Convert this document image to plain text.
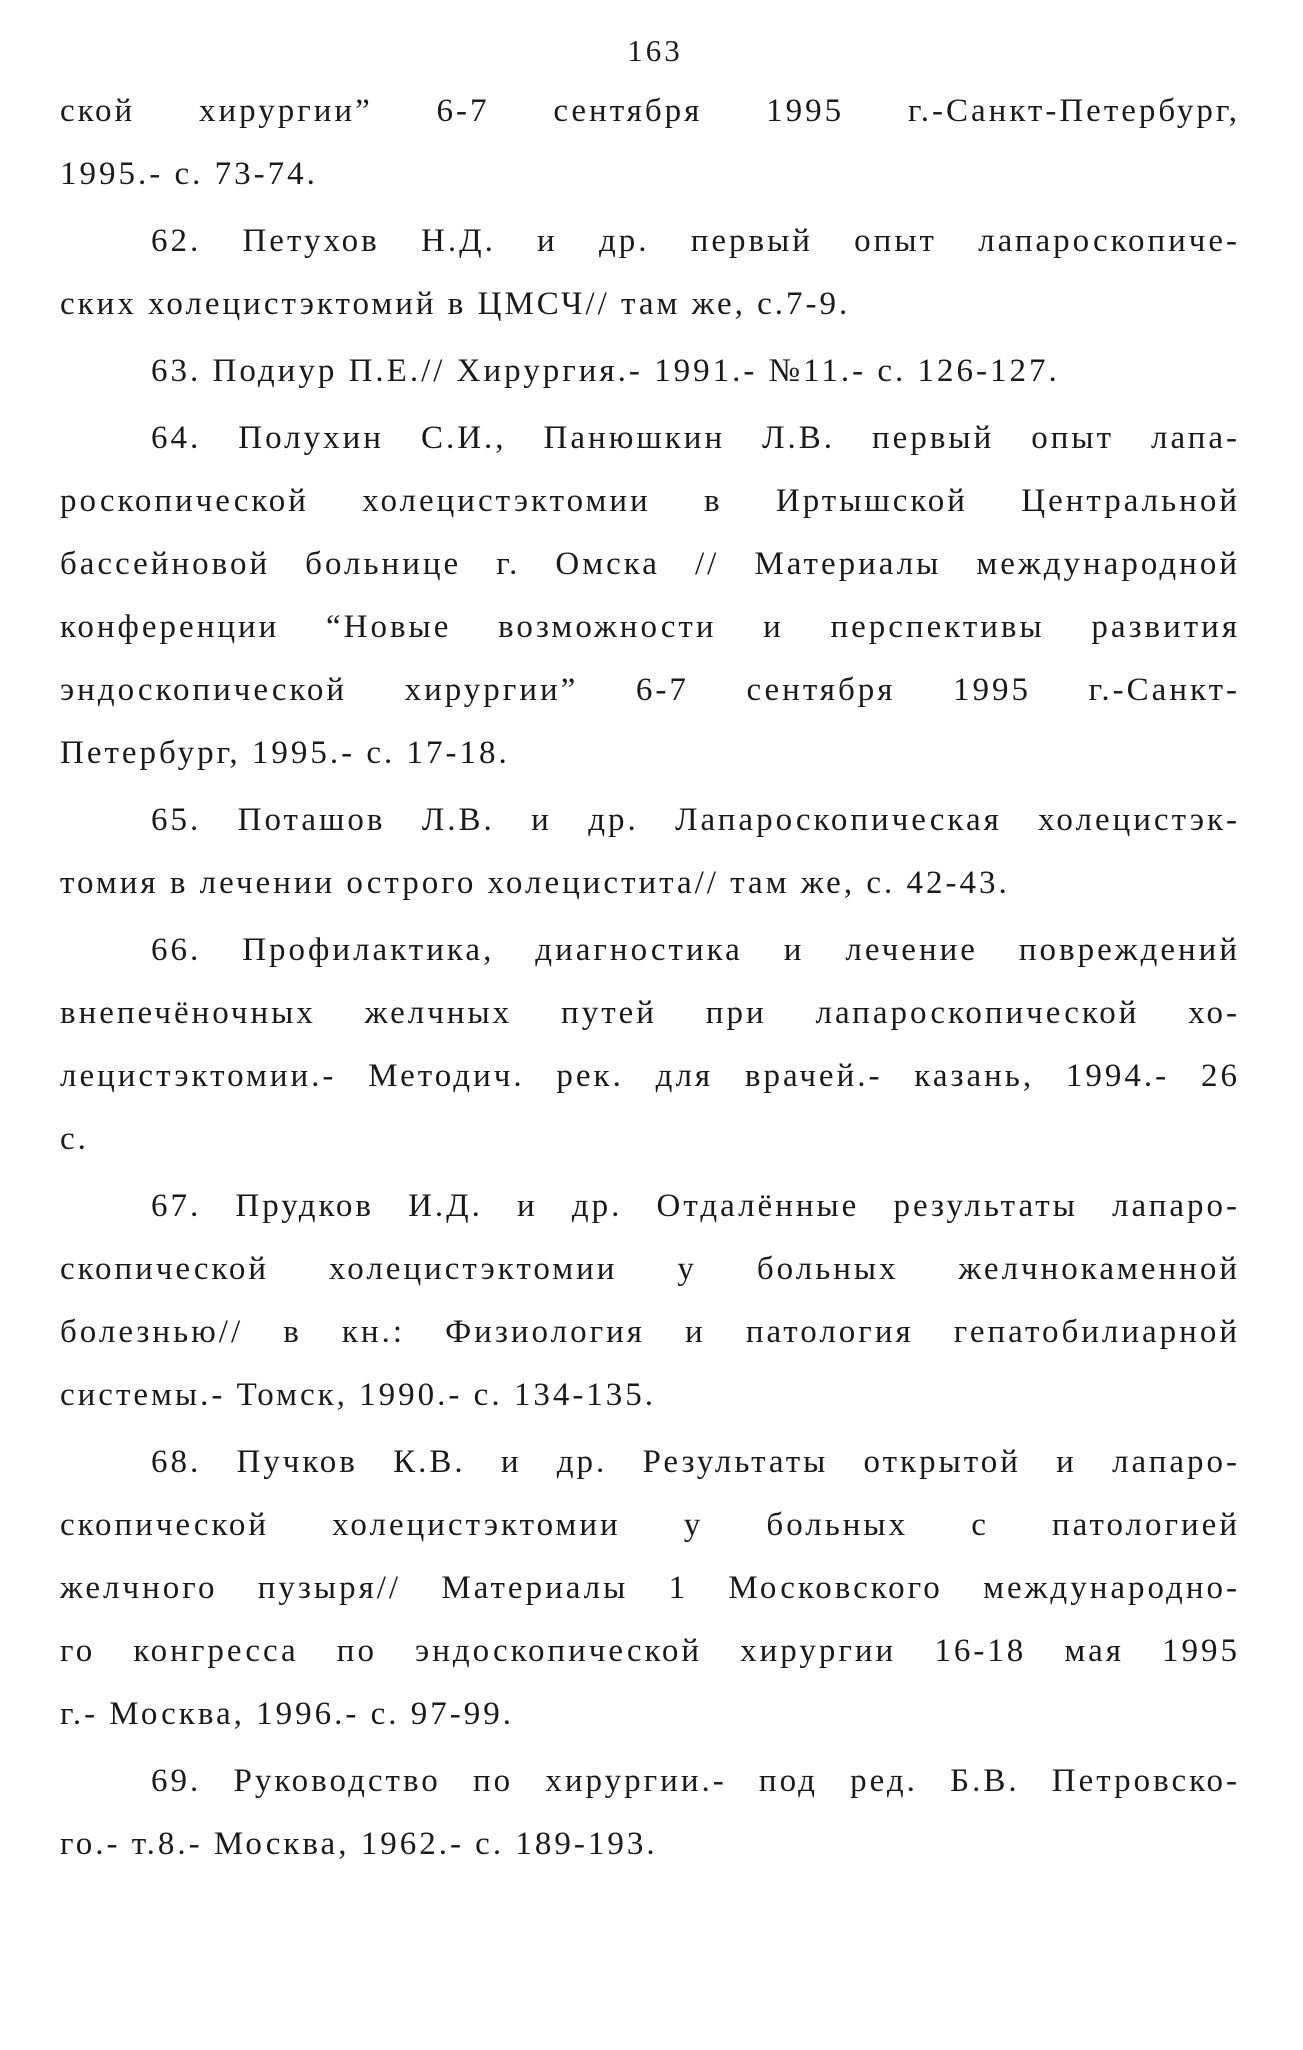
163
ской хирургии” 6-7 сентября 1995 г.-Санкт-Петербург,
1995.- с. 73-74.
62. Петухов Н.Д. и др. первый опыт лапароскопиче-
ских холецистэктомий в ЦМСЧ// там же, с.7-9.
63. Подиур П.Е.// Хирургия.- 1991.- №11.- с. 126-127.
64. Полухин С.И., Панюшкин Л.В. первый опыт лапа-
роскопической холецистэктомии в Иртышской Центральной
бассейновой больнице г. Омска // Материалы международной
конференции “Новые возможности и перспективы развития
эндоскопической хирургии” 6-7 сентября 1995 г.-Санкт-
Петербург, 1995.- с. 17-18.
65. Поташов Л.В. и др. Лапароскопическая холецистэк-
томия в лечении острого холецистита// там же, с. 42-43.
66. Профилактика, диагностика и лечение повреждений
внепечёночных желчных путей при лапароскопической хо-
лецистэктомии.- Методич. рек. для врачей.- казань, 1994.- 26
с.
67. Прудков И.Д. и др. Отдалённые результаты лапаро-
скопической холецистэктомии у больных желчнокаменной
болезнью// в кн.: Физиология и патология гепатобилиарной
системы.- Томск, 1990.- с. 134-135.
68. Пучков К.В. и др. Результаты открытой и лапаро-
скопической холецистэктомии у больных с патологией
желчного пузыря// Материалы 1 Московского международно-
го конгресса по эндоскопической хирургии 16-18 мая 1995
г.- Москва, 1996.- с. 97-99.
69. Руководство по хирургии.- под ред. Б.В. Петровско-
го.- т.8.- Москва, 1962.- с. 189-193.
